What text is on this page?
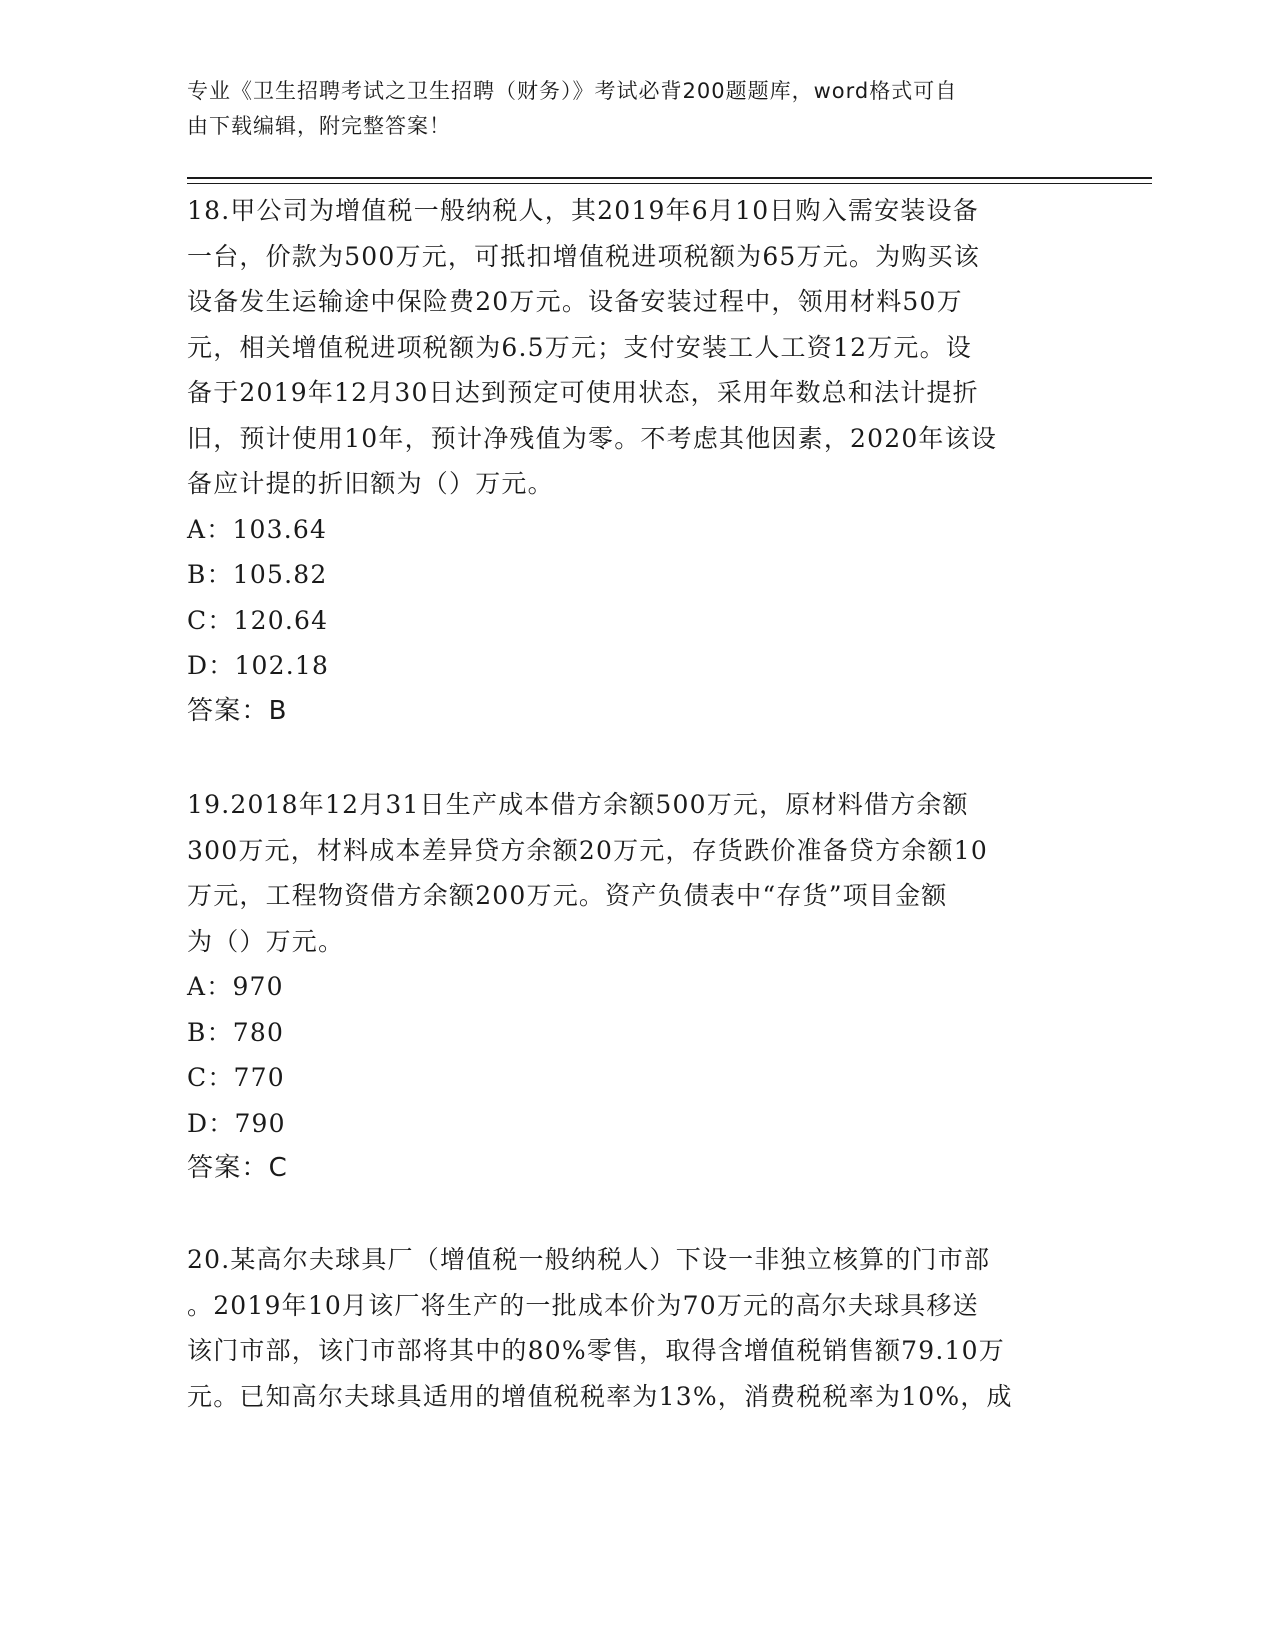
专业《卫生招聘考试之卫生招聘（财务）》考试必背200题题库，word格式可自
由下载编辑，附完整答案！

18.甲公司为增值税一般纳税人，其2019年6月10日购入需安装设备
一台，价款为500万元，可抵扣增值税进项税额为65万元。为购买该
设备发生运输途中保险费20万元。设备安装过程中，领用材料50万
元，相关增值税进项税额为6.5万元；支付安装工人工资12万元。设
备于2019年12月30日达到预定可使用状态，采用年数总和法计提折
旧，预计使用10年，预计净残值为零。不考虑其他因素，2020年该设
备应计提的折旧额为（）万元。

A：103.64

B：105.82

C：120.64

D：102.18

答案：B

19.2018年12月31日生产成本借方余额500万元，原材料借方余额
300万元，材料成本差异贷方余额20万元，存货跌价准备贷方余额10
万元，工程物资借方余额200万元。资产负债表中“存货”项目金额
为（）万元。

A：970

B：780

C：770

D：790

答案：C

20.某高尔夫球具厂（增值税一般纳税人）下设一非独立核算的门市部
。2019年10月该厂将生产的一批成本价为70万元的高尔夫球具移送
该门市部，该门市部将其中的80%零售，取得含增值税销售额79.10万
元。已知高尔夫球具适用的增值税税率为13%，消费税税率为10%，成
